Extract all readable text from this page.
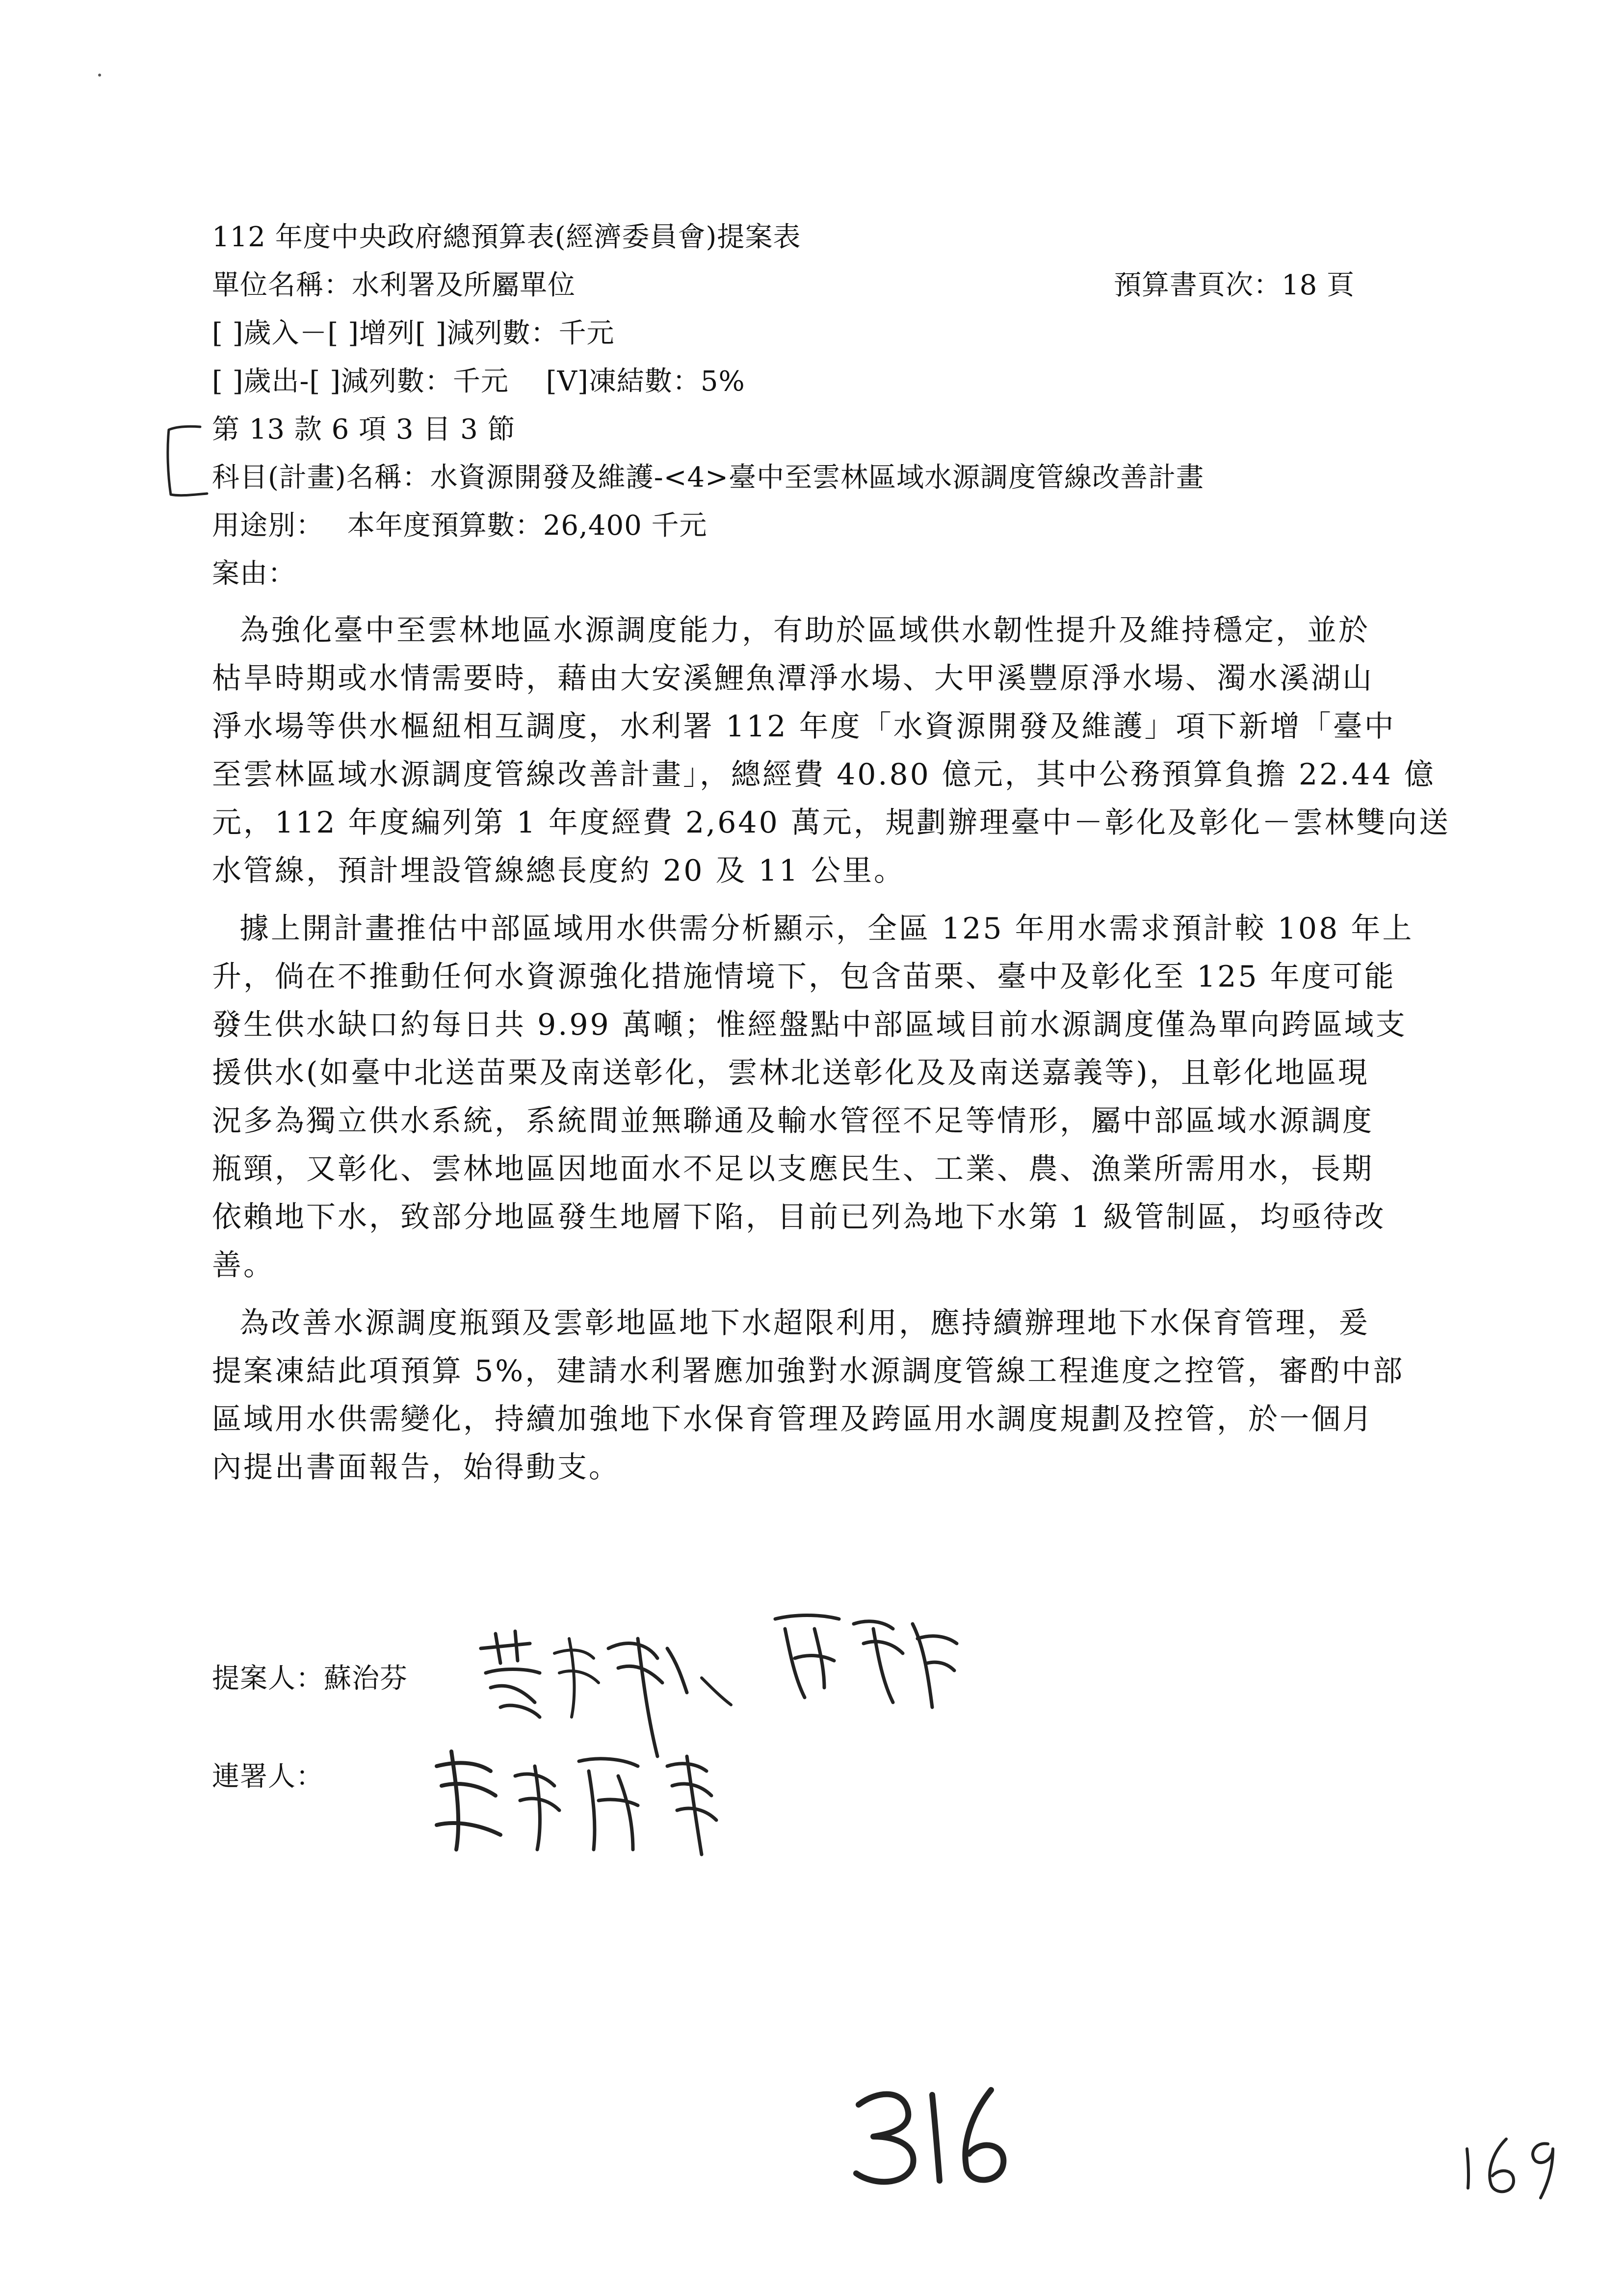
112 年度中央政府總預算表(經濟委員會)提案表
單位名稱：水利署及所屬單位	預算書頁次：18 頁
[ ]歲入－[ ]增列[ ]減列數：千元
[ ]歲出-[ ]減列數：千元　 [V]凍結數：5%
第 13 款 6 項 3 目 3 節
科目(計畫)名稱：水資源開發及維護-<4>臺中至雲林區域水源調度管線改善計畫
用途別：　 本年度預算數：26,400 千元
案由：
為強化臺中至雲林地區水源調度能力，有助於區域供水韌性提升及維持穩定，並於
枯旱時期或水情需要時，藉由大安溪鯉魚潭淨水場、大甲溪豐原淨水場、濁水溪湖山
淨水場等供水樞紐相互調度，水利署 112 年度「水資源開發及維護」項下新增「臺中
至雲林區域水源調度管線改善計畫」，總經費 40.80 億元，其中公務預算負擔 22.44 億
元，112 年度編列第 1 年度經費 2,640 萬元，規劃辦理臺中－彰化及彰化－雲林雙向送
水管線，預計埋設管線總長度約 20 及 11 公里。
據上開計畫推估中部區域用水供需分析顯示，全區 125 年用水需求預計較 108 年上
升，倘在不推動任何水資源強化措施情境下，包含苗栗、臺中及彰化至 125 年度可能
發生供水缺口約每日共 9.99 萬噸；惟經盤點中部區域目前水源調度僅為單向跨區域支
援供水(如臺中北送苗栗及南送彰化，雲林北送彰化及及南送嘉義等)，且彰化地區現
況多為獨立供水系統，系統間並無聯通及輸水管徑不足等情形，屬中部區域水源調度
瓶頸，又彰化、雲林地區因地面水不足以支應民生、工業、農、漁業所需用水，長期
依賴地下水，致部分地區發生地層下陷，目前已列為地下水第 1 級管制區，均亟待改
善。
為改善水源調度瓶頸及雲彰地區地下水超限利用，應持續辦理地下水保育管理，爰
提案凍結此項預算 5%，建請水利署應加強對水源調度管線工程進度之控管，審酌中部
區域用水供需變化，持續加強地下水保育管理及跨區用水調度規劃及控管，於一個月
內提出書面報告，始得動支。
提案人：蘇治芬
連署人：
